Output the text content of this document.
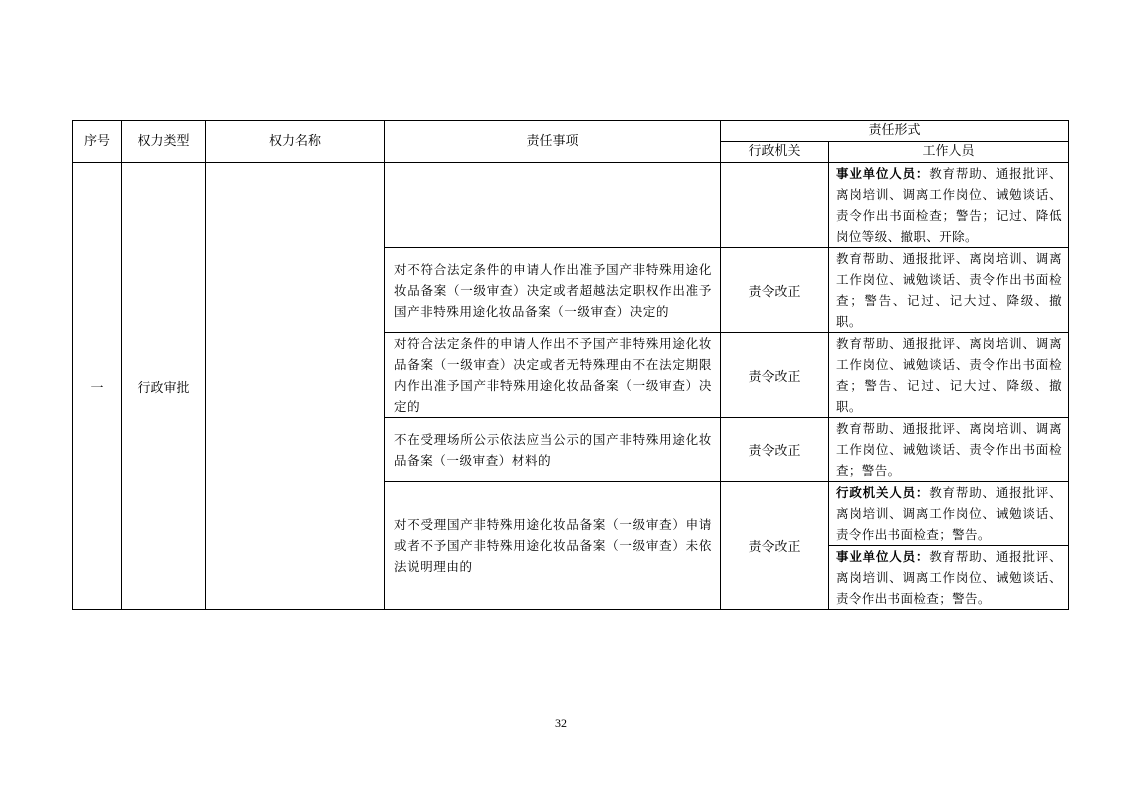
序号	权力类型	权力名称	责任事项	责任形式	
				行政机关	工作人员
一	行政审批				事业单位人员：教育帮助、通报批评、离岗培训、调离工作岗位、诫勉谈话、责令作出书面检查；警告；记过、降低岗位等级、撤职、开除。
			对不符合法定条件的申请人作出准予国产非特殊用途化妆品备案（一级审查）决定或者超越法定职权作出准予国产非特殊用途化妆品备案（一级审查）决定的	责令改正	教育帮助、通报批评、离岗培训、调离工作岗位、诫勉谈话、责令作出书面检查；警告、记过、记大过、降级、撤职。
			对符合法定条件的申请人作出不予国产非特殊用途化妆品备案（一级审查）决定或者无特殊理由不在法定期限内作出准予国产非特殊用途化妆品备案（一级审查）决定的	责令改正	教育帮助、通报批评、离岗培训、调离工作岗位、诫勉谈话、责令作出书面检查；警告、记过、记大过、降级、撤职。
			不在受理场所公示依法应当公示的国产非特殊用途化妆品备案（一级审查）材料的	责令改正	教育帮助、通报批评、离岗培训、调离工作岗位、诫勉谈话、责令作出书面检查；警告。
			对不受理国产非特殊用途化妆品备案（一级审查）申请或者不予国产非特殊用途化妆品备案（一级审查）未依法说明理由的	责令改正	行政机关人员：教育帮助、通报批评、离岗培训、调离工作岗位、诫勉谈话、责令作出书面检查；警告。
					事业单位人员：教育帮助、通报批评、离岗培训、调离工作岗位、诫勉谈话、责令作出书面检查；警告。
32
